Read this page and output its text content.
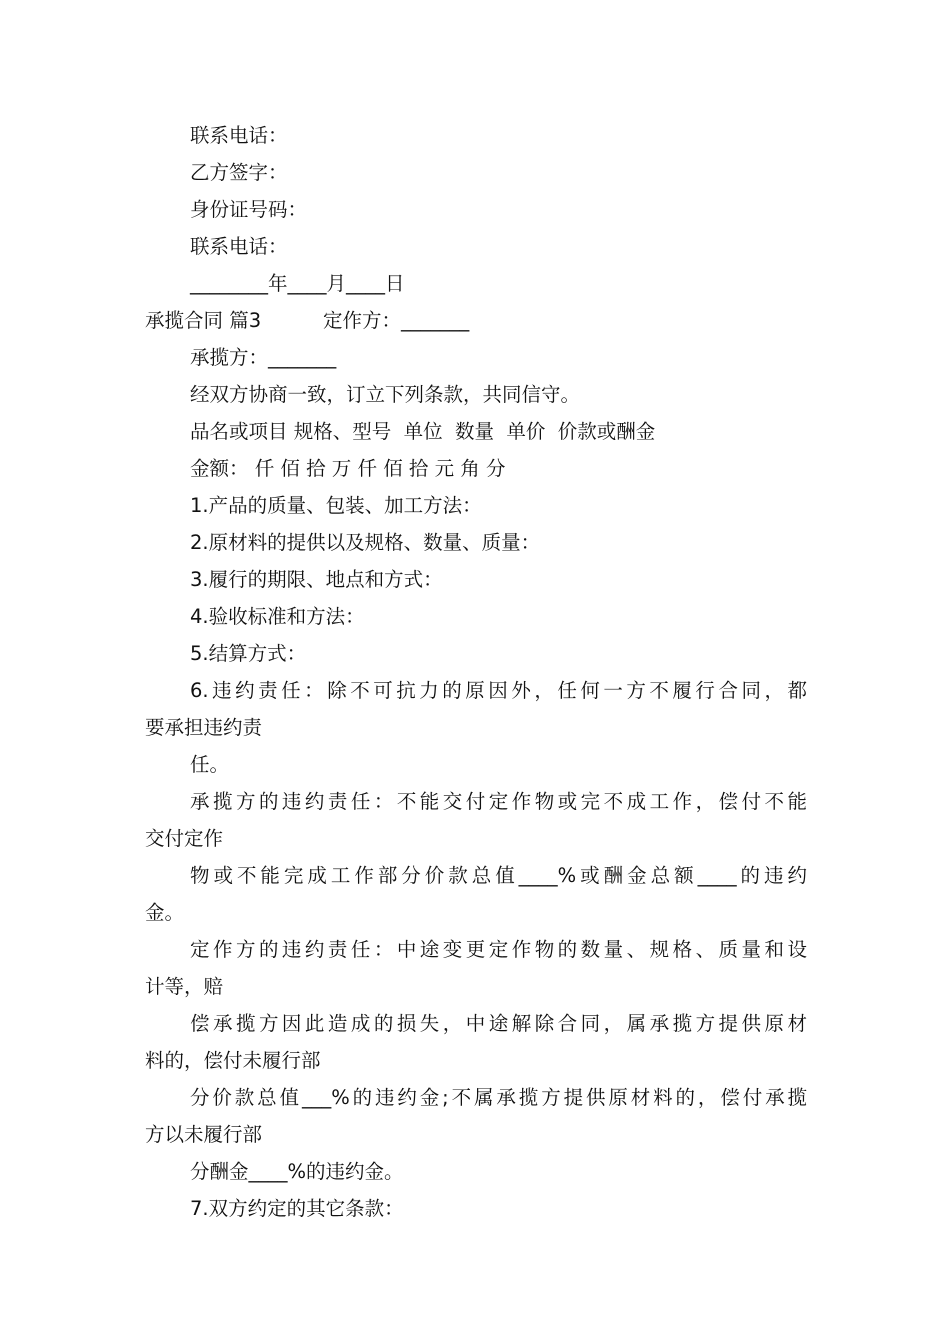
联系电话：
乙方签字：
身份证号码：
联系电话：
________年____月____日
承揽合同 篇3	定作方：_______
承揽方：_______
经双方协商一致，订立下列条款，共同信守。
品名或项目 规格、型号  单位  数量  单价  价款或酬金
金额： 仟 佰 拾 万 仟 佰 拾 元 角 分
1.产品的质量、包装、加工方法：
2.原材料的提供以及规格、数量、质量：
3.履行的期限、地点和方式：
4.验收标准和方法：
5.结算方式：
6.违约责任：除不可抗力的原因外，任何一方不履行合同，都
要承担违约责
任。
承揽方的违约责任：不能交付定作物或完不成工作，偿付不能
交付定作
物或不能完成工作部分价款总值____%或酬金总额____的违约
金。
定作方的违约责任：中途变更定作物的数量、规格、质量和设
计等，赔
偿承揽方因此造成的损失，中途解除合同，属承揽方提供原材
料的，偿付未履行部
分价款总值___%的违约金;不属承揽方提供原材料的，偿付承揽
方以未履行部
分酬金____%的违约金。
7.双方约定的其它条款：
